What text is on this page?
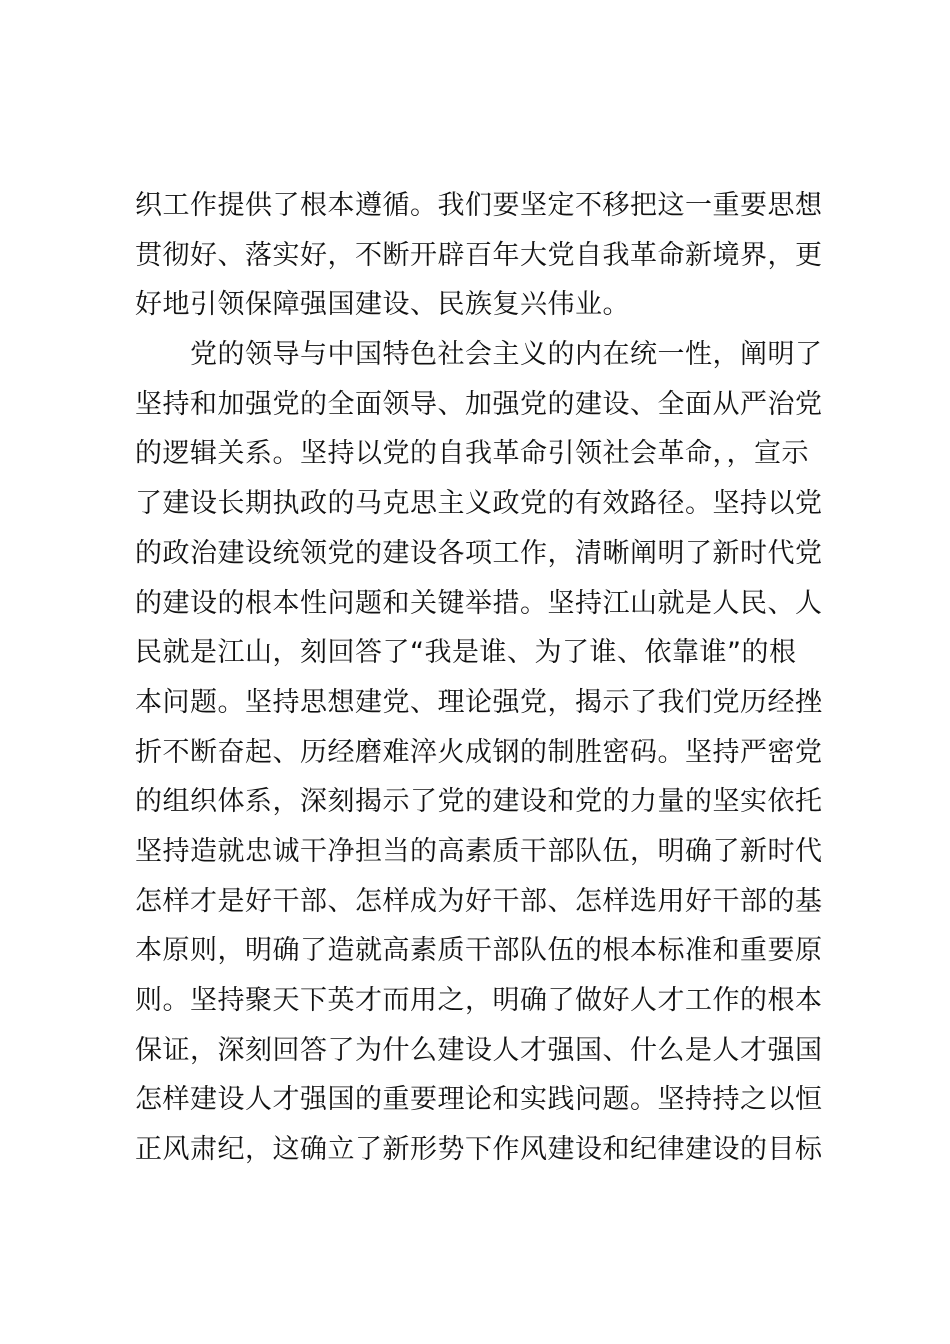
织工作提供了根本遵循。我们要坚定不移把这一重要思想
贯彻好、落实好，不断开辟百年大党自我革命新境界，更
好地引领保障强国建设、民族复兴伟业。
　　党的领导与中国特色社会主义的内在统一性，阐明了
坚持和加强党的全面领导、加强党的建设、全面从严治党
的逻辑关系。坚持以党的自我革命引领社会革命，，宣示
了建设长期执政的马克思主义政党的有效路径。坚持以党
的政治建设统领党的建设各项工作，清晰阐明了新时代党
的建设的根本性问题和关键举措。坚持江山就是人民、人
民就是江山，刻回答了“我是谁、为了谁、依靠谁”的根
本问题。坚持思想建党、理论强党，揭示了我们党历经挫
折不断奋起、历经磨难淬火成钢的制胜密码。坚持严密党
的组织体系，深刻揭示了党的建设和党的力量的坚实依托
坚持造就忠诚干净担当的高素质干部队伍，明确了新时代
怎样才是好干部、怎样成为好干部、怎样选用好干部的基
本原则，明确了造就高素质干部队伍的根本标准和重要原
则。坚持聚天下英才而用之，明确了做好人才工作的根本
保证，深刻回答了为什么建设人才强国、什么是人才强国
怎样建设人才强国的重要理论和实践问题。坚持持之以恒
正风肃纪，这确立了新形势下作风建设和纪律建设的目标
